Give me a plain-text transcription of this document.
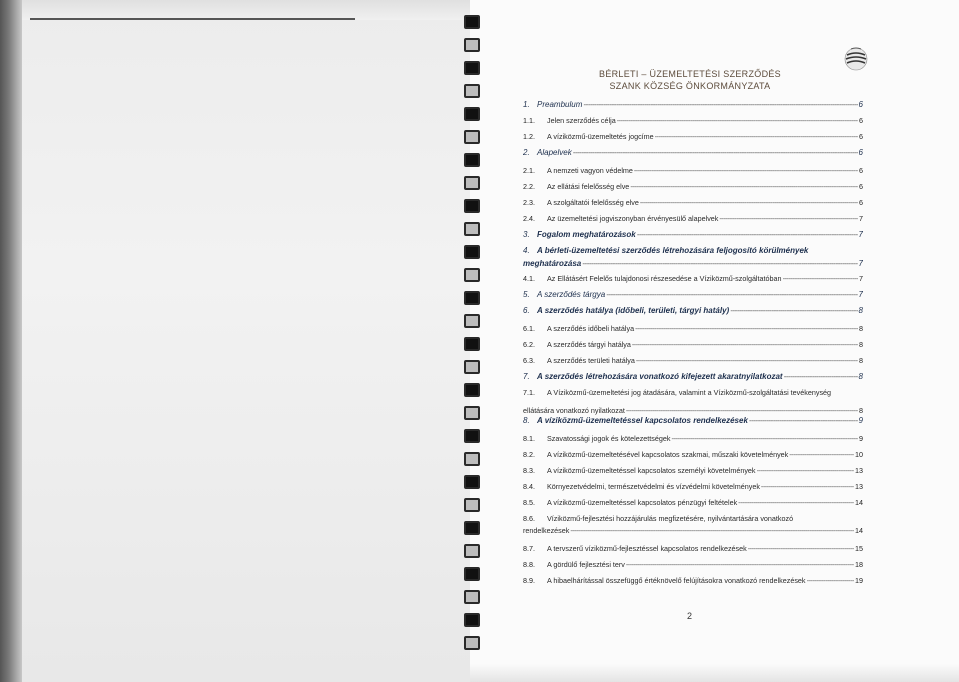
BÉRLETI – ÜZEMELTETÉSI SZERZŐDÉS
SZANK KÖZSÉG ÖNKORMÁNYZATA
1. Preambulum -----	6
1.1.	Jelen szerződés célja -----	6
1.2.	A víziközmű-üzemeltetés jogcíme -----	6
2. Alapelvek -----	6
2.1.	A nemzeti vagyon védelme -----	6
2.2.	Az ellátási felelősség elve -----	6
2.3.	A szolgáltatói felelősség elve -----	6
2.4.	Az üzemeltetési jogviszonyban érvényesülő alapelvek -----	7
3. Fogalom meghatározások -----	7
4. A bérleti-üzemeltetési szerződés létrehozására feljogosító körülmények
meghatározása -----	7
4.1.	Az Ellátásért Felelős tulajdonosi részesedése a Víziközmű-szolgáltatóban -----	7
5. A szerződés tárgya -----	7
6. A szerződés hatálya (időbeli, területi, tárgyi hatály) -----	8
6.1.	A szerződés időbeli hatálya -----	8
6.2.	A szerződés tárgyi hatálya -----	8
6.3.	A szerződés területi hatálya -----	8
7. A szerződés létrehozására vonatkozó kifejezett akaratnyilatkozat -----	8
7.1.	A Víziközmű-üzemeltetési jog átadására, valamint a Víziközmű-szolgáltatási tevékenység
ellátására vonatkozó nyilatkozat -----	8
8. A víziközmű-üzemeltetéssel kapcsolatos rendelkezések -----	9
8.1.	Szavatossági jogok és kötelezettségek -----	9
8.2.	A víziközmű-üzemeltetésével kapcsolatos szakmai, műszaki követelmények -----	10
8.3.	A víziközmű-üzemeltetéssel kapcsolatos személyi követelmények -----	13
8.4.	Környezetvédelmi, természetvédelmi és vízvédelmi követelmények -----	13
8.5.	A víziközmű-üzemeltetéssel kapcsolatos pénzügyi feltételek -----	14
8.6.	Víziközmű-fejlesztési hozzájárulás megfizetésére, nyilvántartására vonatkozó
rendelkezések -----	14
8.7.	A tervszerű víziközmű-fejlesztéssel kapcsolatos rendelkezések -----	15
8.8.	A gördülő fejlesztési terv -----	18
8.9.	A hibaelhárítással összefüggő értéknövelő felújításokra vonatkozó rendelkezések -----	19
2
